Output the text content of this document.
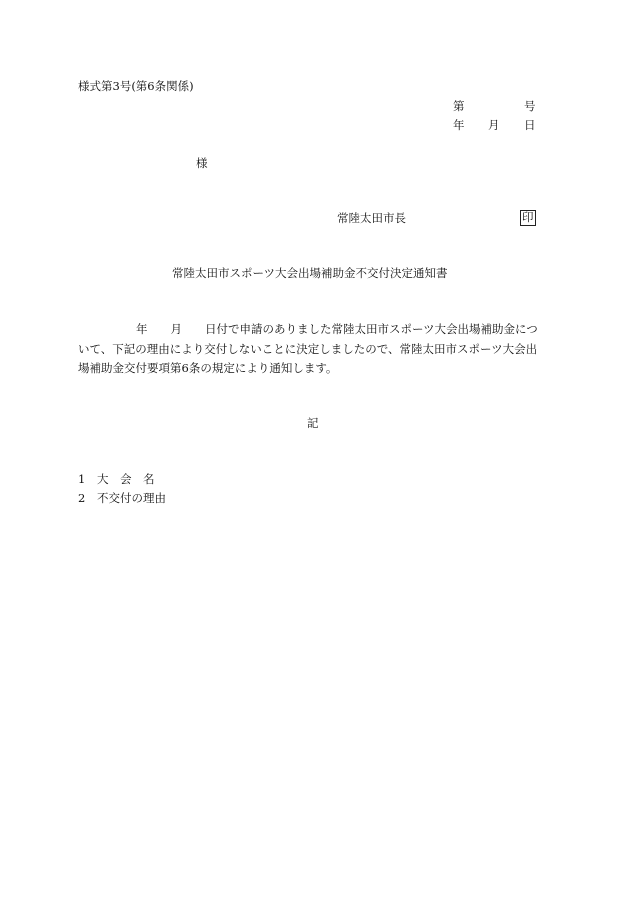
様式第3号(第6条関係)
第	号
年 月 日
様
常陸太田市長	印
常陸太田市スポーツ大会出場補助金不交付決定通知書
年 月 日付で申請のありました常陸太田市スポーツ大会出場補助金につ
いて、下記の理由により交付しないことに決定しましたので、常陸太田市スポーツ大会出
場補助金交付要項第6条の規定により通知します。
記
1 大 会 名
2 不交付の理由
